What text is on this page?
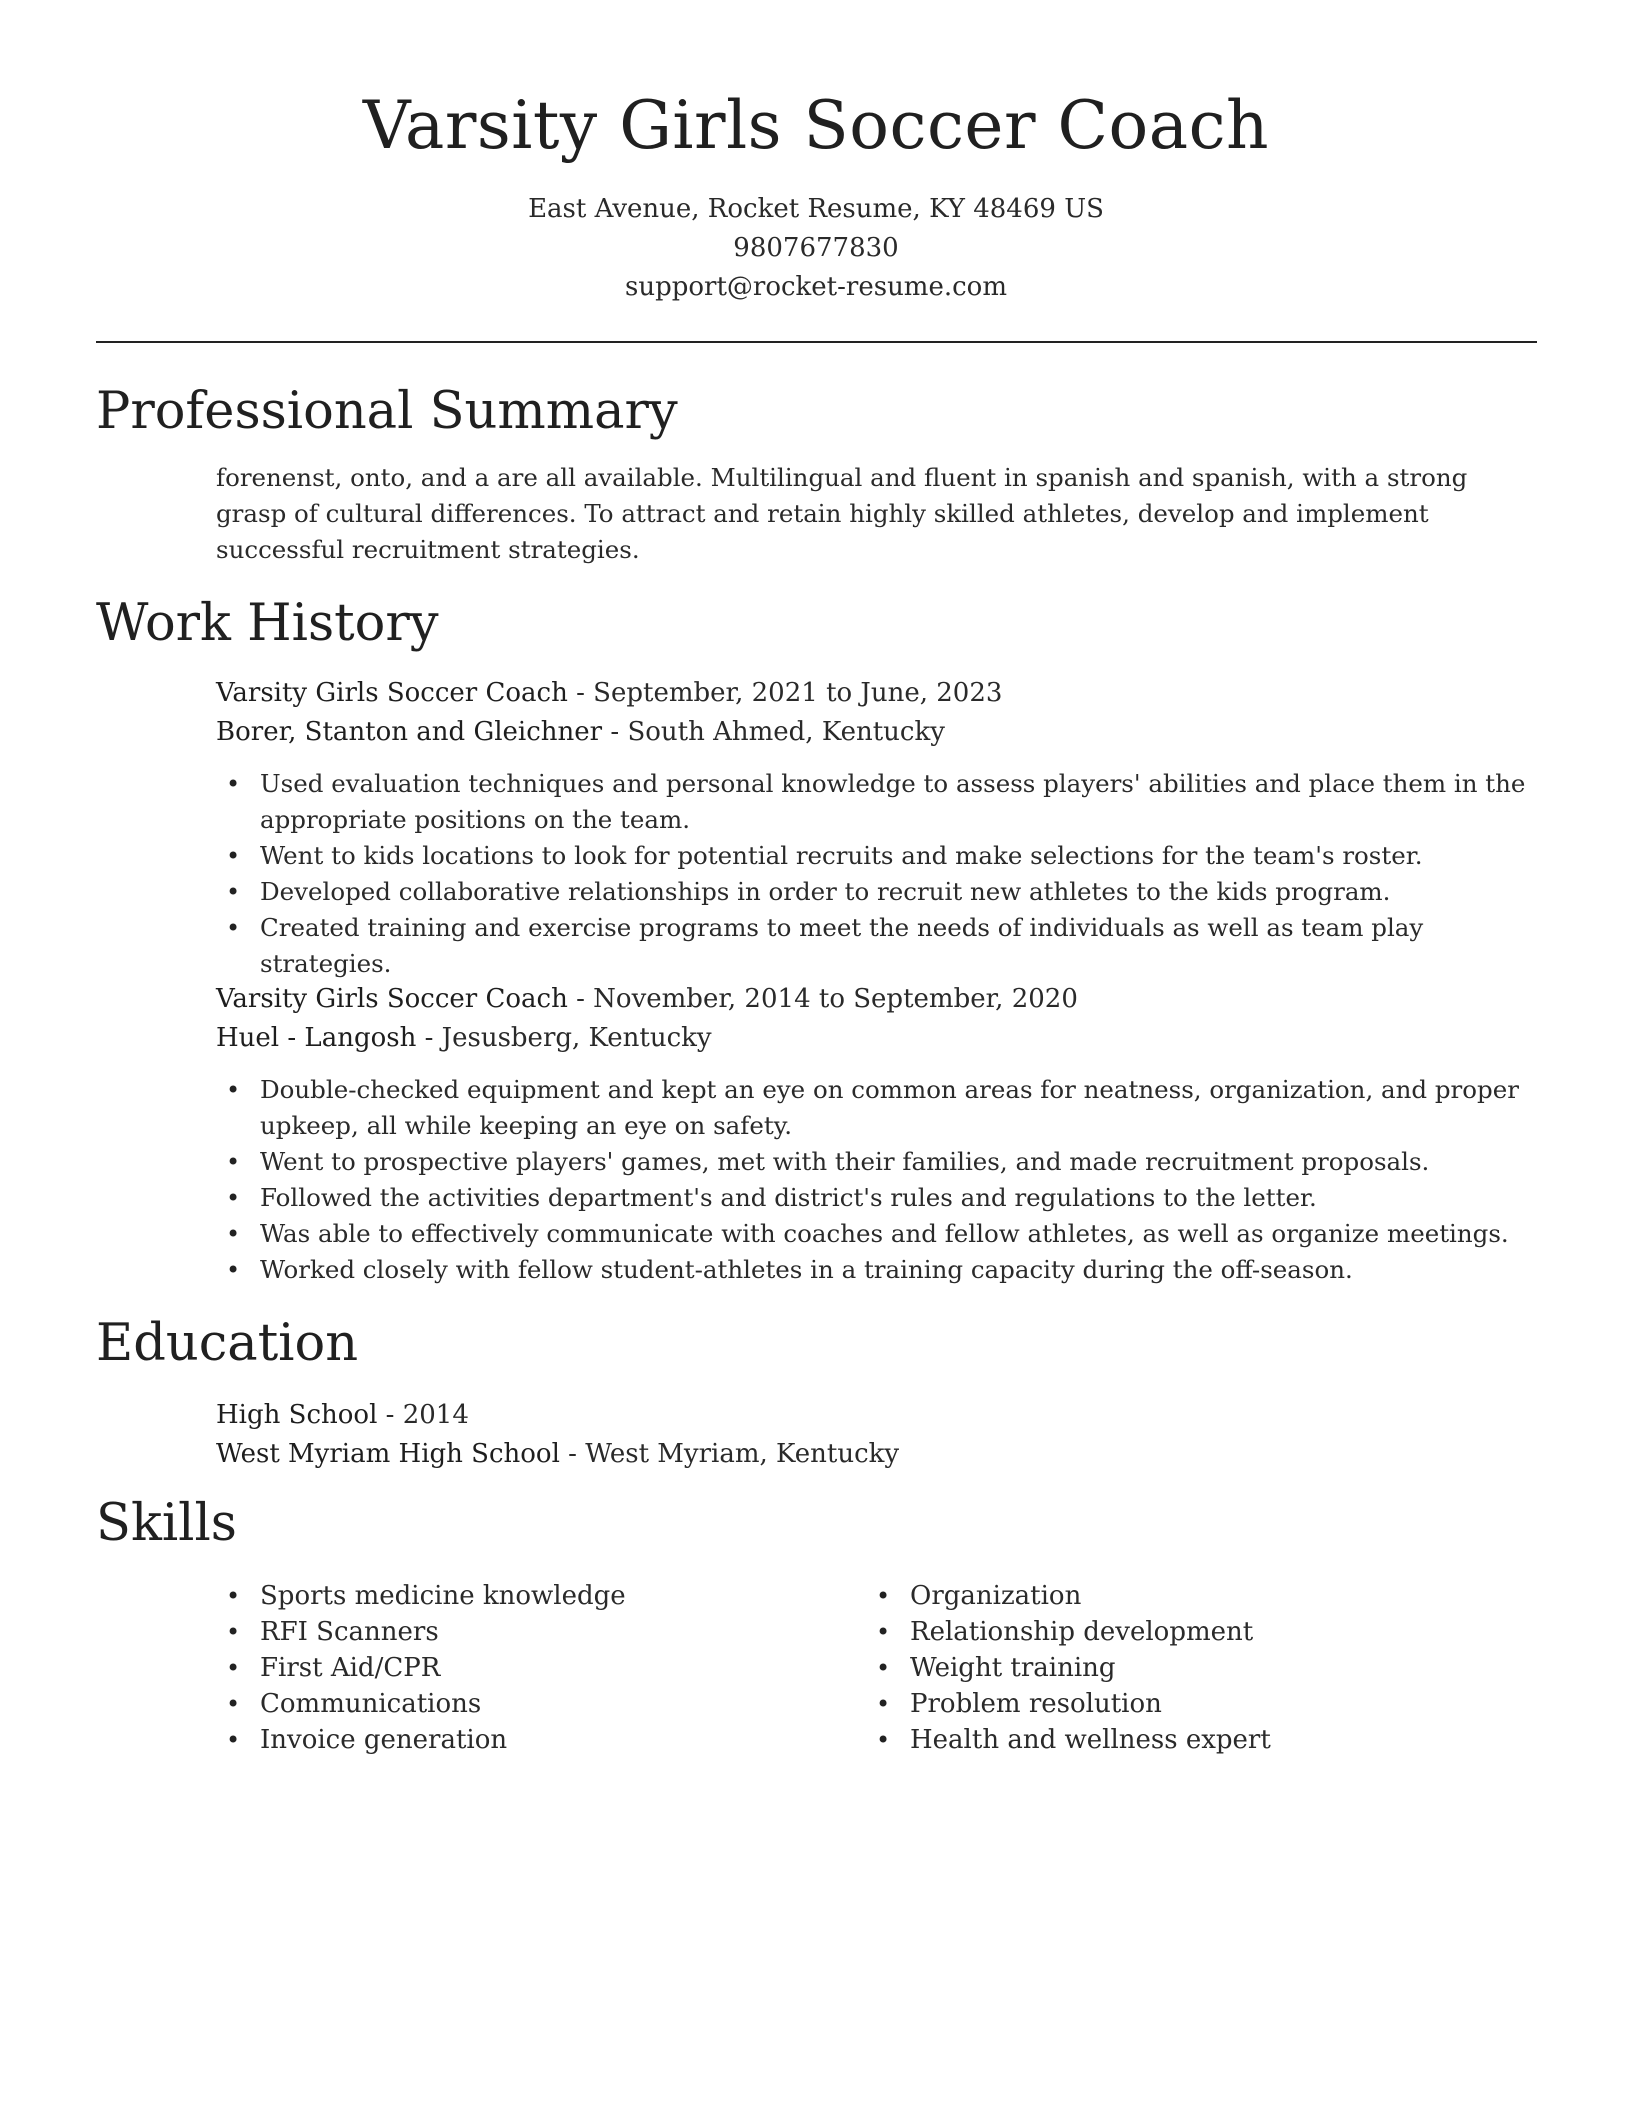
Varsity Girls Soccer Coach
East Avenue, Rocket Resume, KY 48469 US
9807677830
support@rocket-resume.com
Professional Summary
forenenst, onto, and a are all available. Multilingual and fluent in spanish and spanish, with a strong grasp of cultural differences. To attract and retain highly skilled athletes, develop and implement successful recruitment strategies.
Work History
Varsity Girls Soccer Coach - September, 2021 to June, 2023
Borer, Stanton and Gleichner - South Ahmed, Kentucky
• Used evaluation techniques and personal knowledge to assess players' abilities and place them in the appropriate positions on the team.
• Went to kids locations to look for potential recruits and make selections for the team's roster.
• Developed collaborative relationships in order to recruit new athletes to the kids program.
• Created training and exercise programs to meet the needs of individuals as well as team play strategies.
Varsity Girls Soccer Coach - November, 2014 to September, 2020
Huel - Langosh - Jesusberg, Kentucky
• Double-checked equipment and kept an eye on common areas for neatness, organization, and proper upkeep, all while keeping an eye on safety.
• Went to prospective players' games, met with their families, and made recruitment proposals.
• Followed the activities department's and district's rules and regulations to the letter.
• Was able to effectively communicate with coaches and fellow athletes, as well as organize meetings.
• Worked closely with fellow student-athletes in a training capacity during the off-season.
Education
High School - 2014
West Myriam High School - West Myriam, Kentucky
Skills
• Sports medicine knowledge
• RFI Scanners
• First Aid/CPR
• Communications
• Invoice generation
• Organization
• Relationship development
• Weight training
• Problem resolution
• Health and wellness expert
